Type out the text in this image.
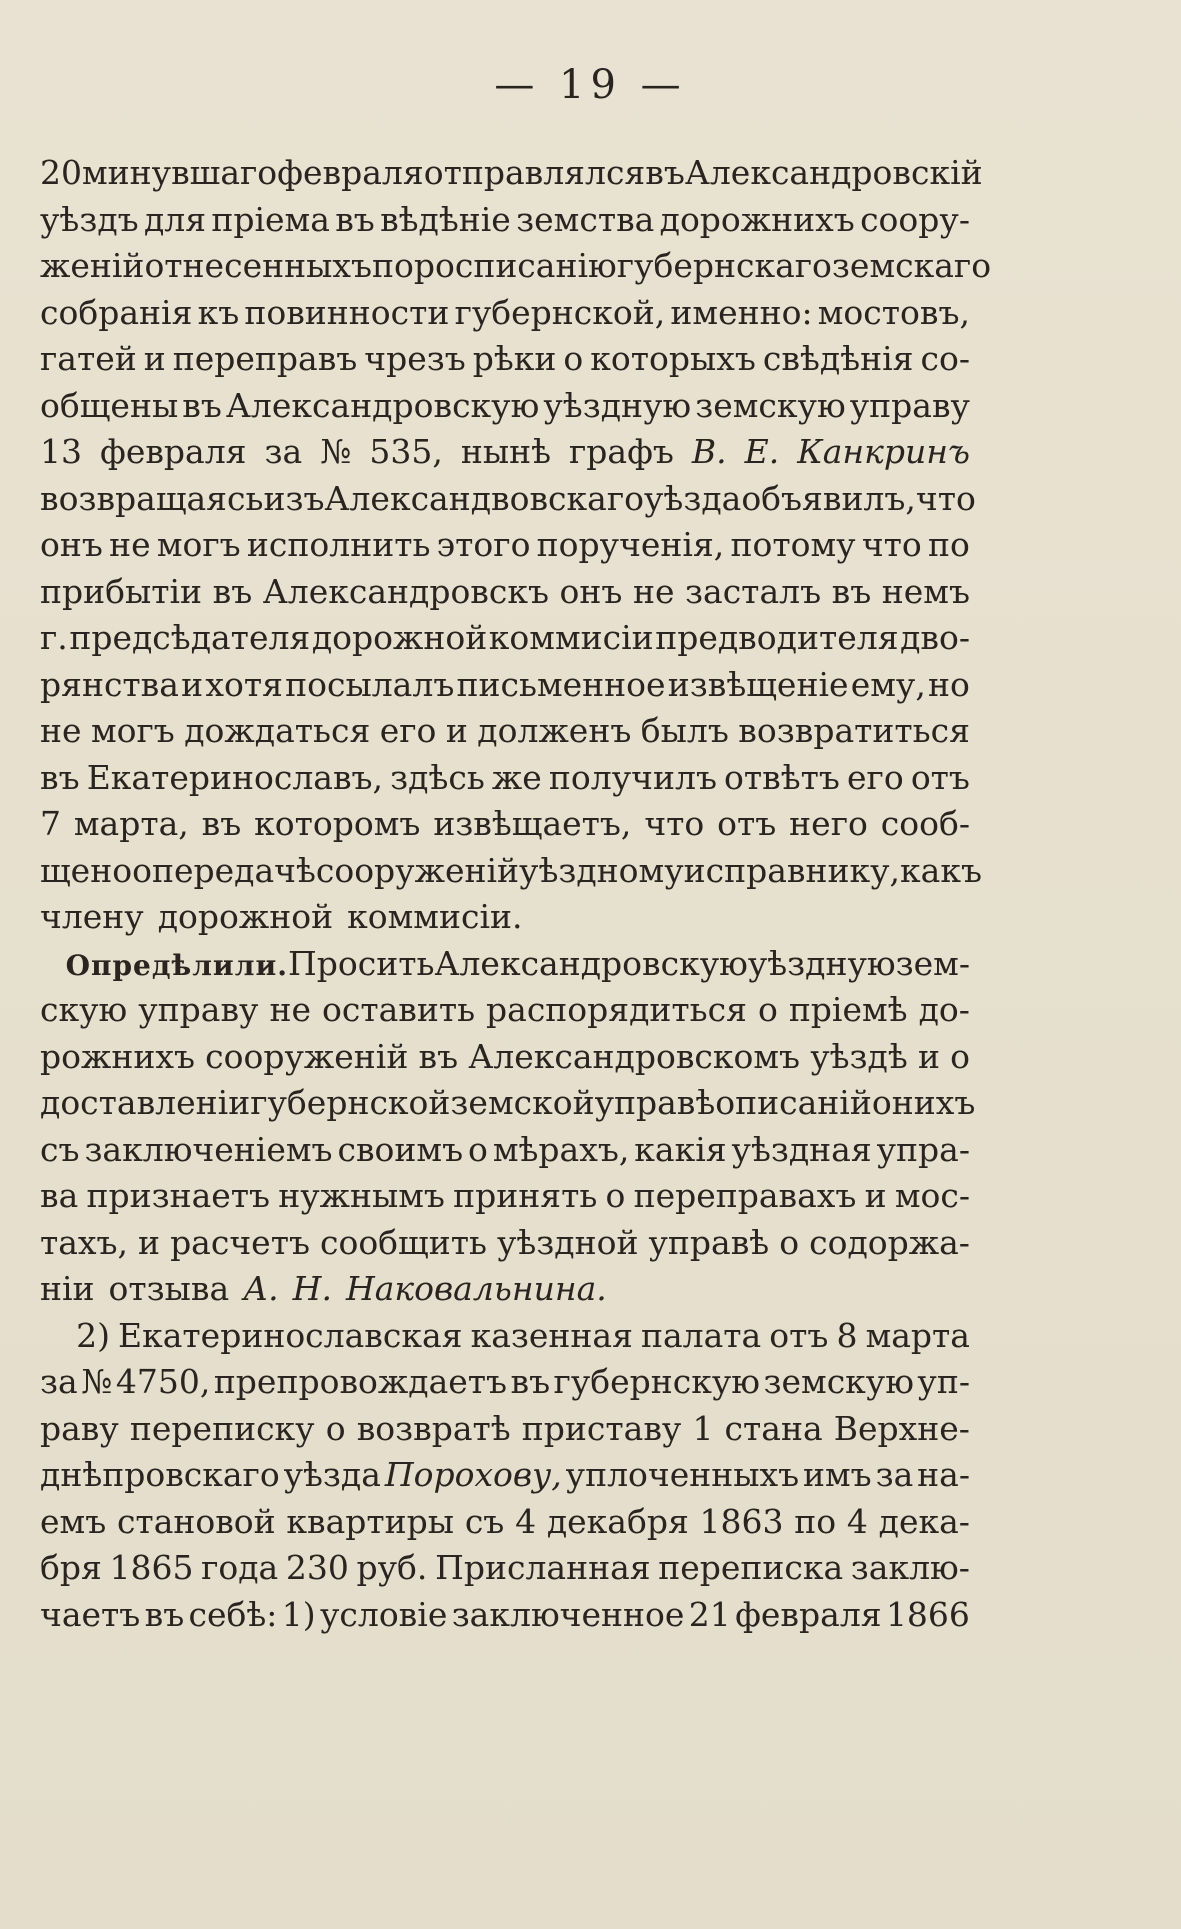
— 19 —
20 минувшаго февраля отправлялся въ Александровскій
уѣздъ для пріема въ вѣдѣніе земства дорожнихъ соору-
женій отнесенныхъ по росписанію губернскаго земскаго
собранія къ повинности губернской, именно: мостовъ,
гатей и переправъ чрезъ рѣки о которыхъ свѣдѣнія со-
общены въ Александровскую уѣздную земскую управу
13 февраля за № 535, нынѣ графъ В. Е. Канкринъ
возвращаясь изъ Александвовскаго уѣзда объявилъ, что
онъ не могъ исполнить этого порученія, потому что по
прибытіи въ Александровскъ онъ не засталъ въ немъ
г. предсѣдателя дорожной коммисіи предводителя дво-
рянства и хотя посылалъ письменное извѣщеніе ему, но
не могъ дождаться его и долженъ былъ возвратиться
въ Екатеринославъ, здѣсь же получилъ отвѣтъ его отъ
7 марта, въ которомъ извѣщаетъ, что отъ него сооб-
щено о передачѣ сооруженій уѣздному исправнику, какъ
члену дорожной коммисіи.
Опредѣлили. Просить Александровскую уѣздную зем-
скую управу не оставить распорядиться о пріемѣ до-
рожнихъ сооруженій въ Александровскомъ уѣздѣ и о
доставленіи губернской земской управѣ описаній о нихъ
съ заключеніемъ своимъ о мѣрахъ, какія уѣздная упра-
ва признаетъ нужнымъ принять о переправахъ и мос-
тахъ, и расчетъ сообщить уѣздной управѣ о содоржа-
ніи отзыва А. Н. Наковальнина.
2) Екатеринославская казенная палата отъ 8 марта
за № 4750, препровождаетъ въ губернскую земскую уп-
раву переписку о возвратѣ приставу 1 стана Верхне-
днѣпровскаго уѣзда Порохову, уплоченныхъ имъ за на-
емъ становой квартиры съ 4 декабря 1863 по 4 дека-
бря 1865 года 230 руб. Присланная переписка заклю-
чаетъ въ себѣ: 1) условіе заключенное 21 февраля 1866
